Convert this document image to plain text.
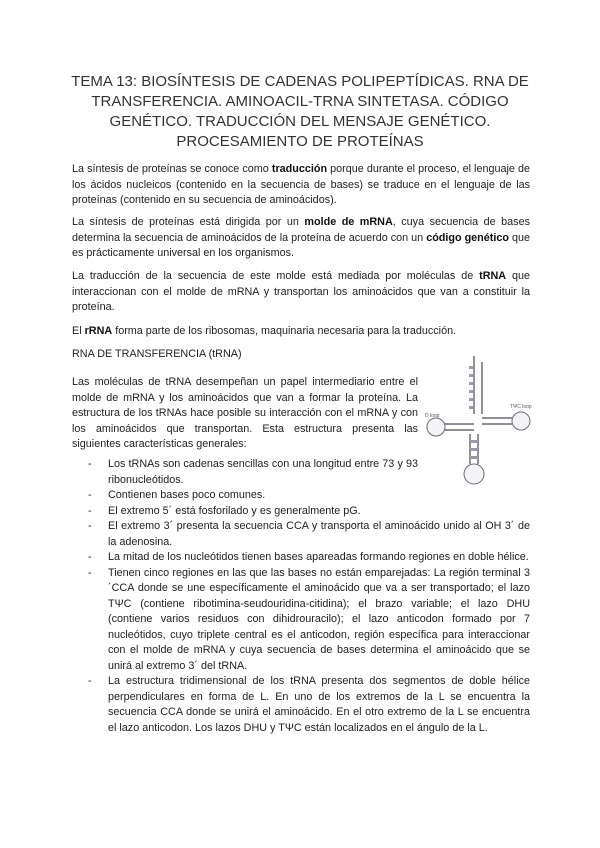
TEMA 13: BIOSÍNTESIS DE CADENAS POLIPEPTÍDICAS. RNA DE TRANSFERENCIA. AMINOACIL-TRNA SINTETASA. CÓDIGO GENÉTICO. TRADUCCIÓN DEL MENSAJE GENÉTICO. PROCESAMIENTO DE PROTEÍNAS

La síntesis de proteínas se conoce como traducción porque durante el proceso, el lenguaje de los ácidos nucleicos (contenido en la secuencia de bases) se traduce en el lenguaje de las proteínas (contenido en su secuencia de aminoácidos).

La síntesis de proteínas está dirigida por un molde de mRNA, cuya secuencia de bases determina la secuencia de aminoácidos de la proteína de acuerdo con un código genético que es prácticamente universal en los organismos.

La traducción de la secuencia de este molde está mediada por moléculas de tRNA que interaccionan con el molde de mRNA y transportan los aminoácidos que van a constituir la proteína.

El rRNA forma parte de los ribosomas, maquinaria necesaria para la traducción.

RNA DE TRANSFERENCIA (tRNA)

Las moléculas de tRNA desempeñan un papel intermediario entre el molde de mRNA y los aminoácidos que van a formar la proteína. La estructura de los tRNAs hace posible su interacción con el mRNA y con los aminoácidos que transportan. Esta estructura presenta las siguientes características generales:

D loop
TΨC loop
- Los tRNAs son cadenas sencillas con una longitud entre 73 y 93 ribonucleótidos.
- Contienen bases poco comunes.
- El extremo 5´ está fosforilado y es generalmente pG.
- El extremo 3´ presenta la secuencia CCA y transporta el aminoácido unido al OH 3´ de la adenosina.
- La mitad de los nucleótidos tienen bases apareadas formando regiones en doble hélice.
- Tienen cinco regiones en las que las bases no están emparejadas: La región terminal 3´CCA donde se une específicamente el aminoácido que va a ser transportado; el lazo TΨC (contiene ribotimina-seudouridina-citidina); el brazo variable; el lazo DHU (contiene varios residuos con dihidrouracilo); el lazo anticodon formado por 7 nucleótidos, cuyo triplete central es el anticodon, región específica para interaccionar con el molde de mRNA y cuya secuencia de bases determina el aminoácido que se unirá al extremo 3´ del tRNA.
- La estructura tridimensional de los tRNA presenta dos segmentos de doble hélice perpendiculares en forma de L. En uno de los extremos de la L se encuentra la secuencia CCA donde se unirá el aminoácido. En el otro extremo de la L se encuentra el lazo anticodon. Los lazos DHU y TΨC están localizados en el ángulo de la L.
